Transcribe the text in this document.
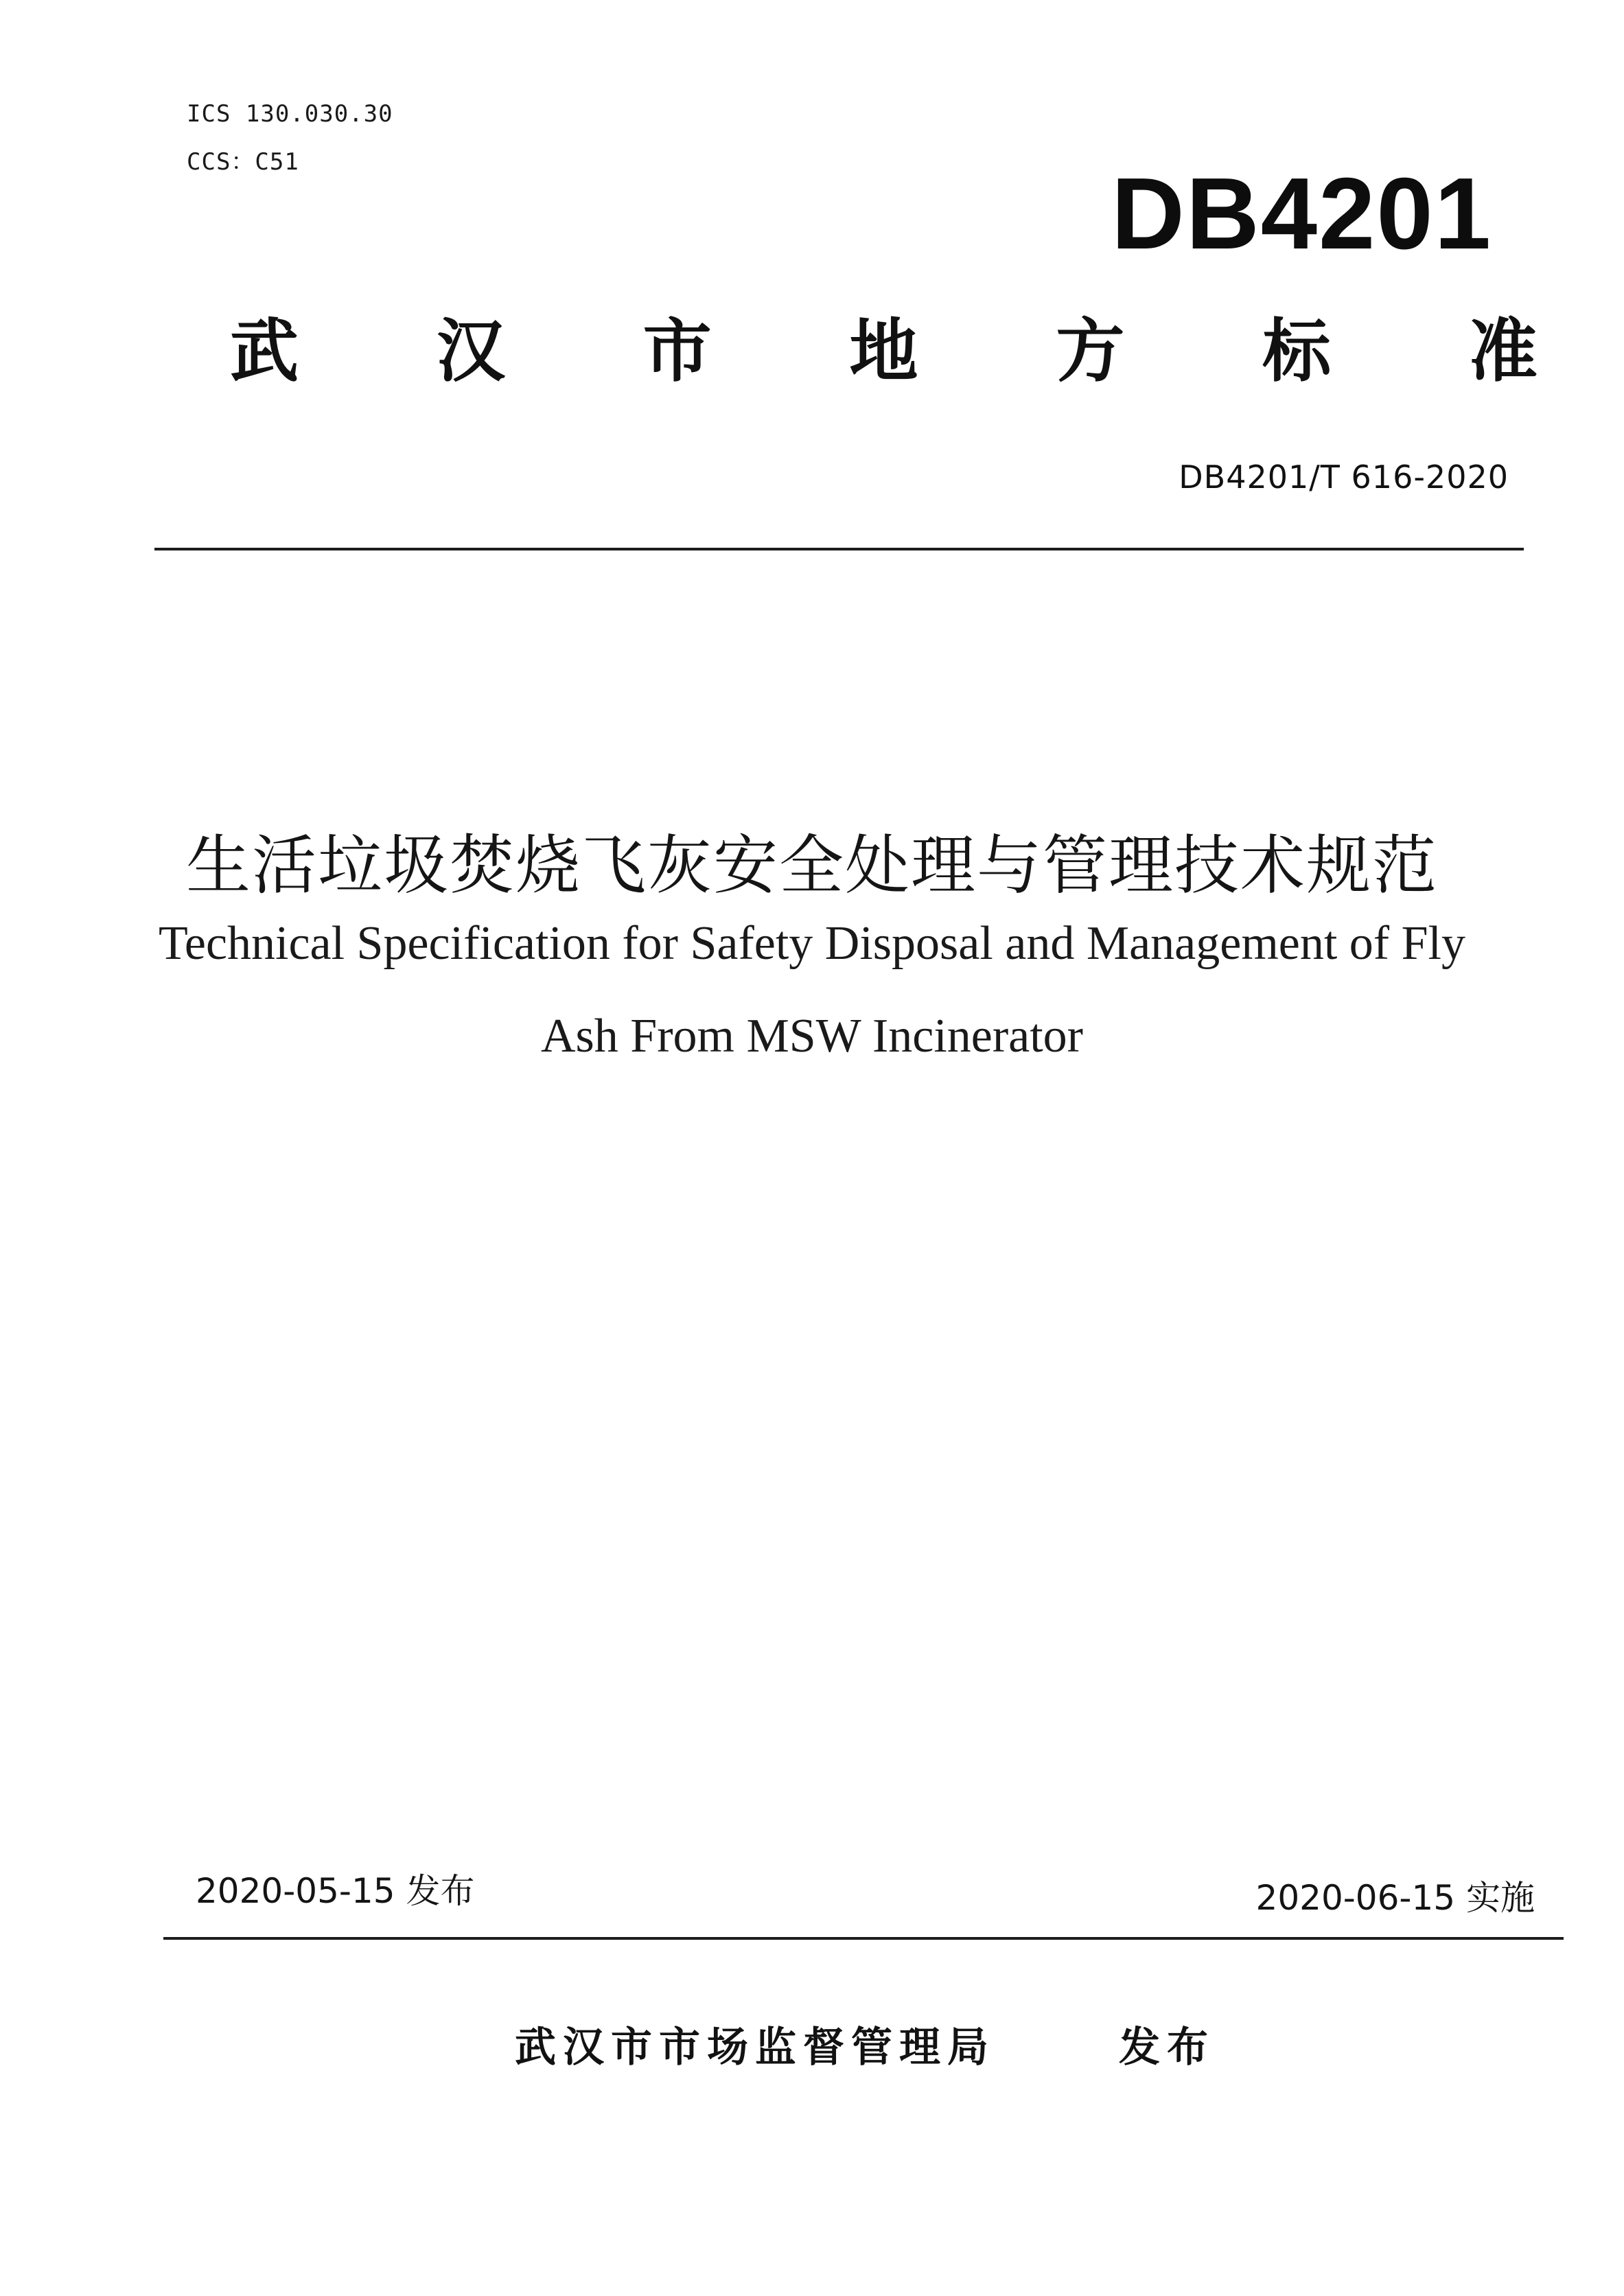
ICS 130.030.30
CCS：C51	DB4201
武 汉 市 地 方 标 准
DB4201/T 616-2020
生活垃圾焚烧飞灰安全处理与管理技术规范
Technical Specification for Safety Disposal and Management of Fly
Ash From MSW Incinerator
2020-05-15 发布	2020-06-15 实施
武汉市市场监督管理局	发布
